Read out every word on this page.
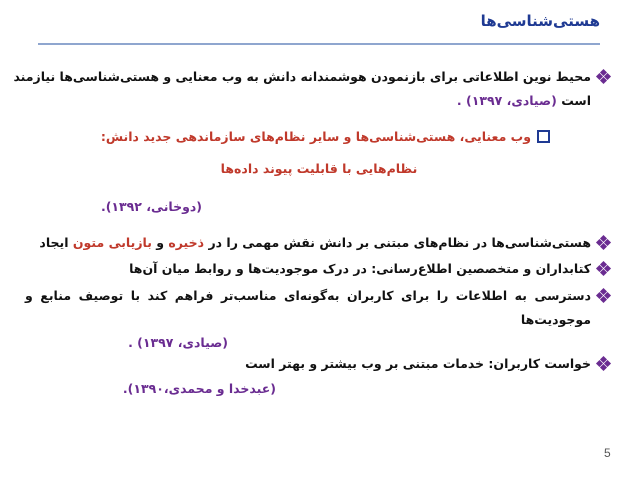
هستی‌شناسی‌ها
محیط نوین اطلاعاتی برای بازنمودن هوشمندانه دانش به وب معنایی و هستی‌شناسی‌ها نیازمند
است (صیادی، ۱۳۹۷) .
وب معنایی، هستی‌شناسی‌ها و سایر نظام‌های سازماندهی جدید دانش:
نظام‌هایی با قابلیت پیوند داده‌ها
(دوخانی، ۱۳۹۲).
هستی‌شناسی‌ها در نظام‌های مبتنی بر دانش نقش مهمی را در ذخیره و بازیابی متون ایجاد
کتابداران و متخصصین اطلاع‌رسانی: در درک موجودیت‌ها و روابط میان آن‌ها
دسترسی به اطلاعات را برای کاربران به‌گونه‌ای مناسب‌تر فراهم کند با توصیف منابع و
موجودیت‌ها
(صیادی، ۱۳۹۷) .
خواست کاربران: خدمات مبتنی بر وب بیشتر و بهتر است
(عبدخدا و محمدی،۱۳۹۰).
5
